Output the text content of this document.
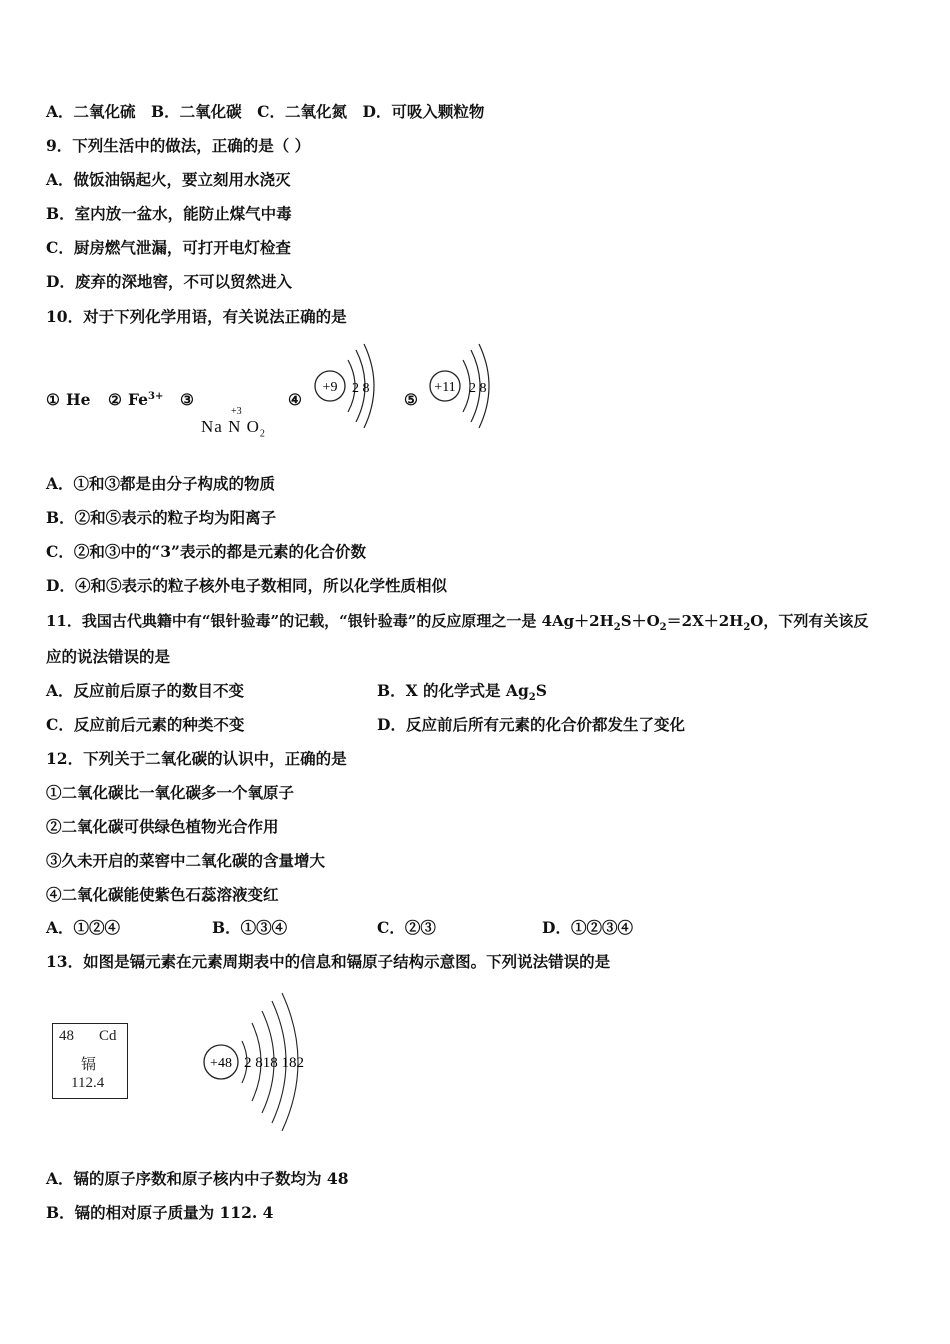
A．二氧化硫　B．二氧化碳　C．二氧化氮　D．可吸入颗粒物
9．下列生活中的做法，正确的是（ ）
A．做饭油锅起火，要立刻用水浇灭
B．室内放一盆水，能防止煤气中毒
C．厨房燃气泄漏，可打开电灯检查
D．废弃的深地窖，不可以贸然进入
10．对于下列化学用语，有关说法正确的是
① He ② $Fe^{3+}$ ③
+3
Na N $O_2$
④
+9 2 8
⑤
+11 2 8
A．①和③都是由分子构成的物质
B．②和⑤表示的粒子均为阳离子
C．②和③中的“3”表示的都是元素的化合价数
D．④和⑤表示的粒子核外电子数相同，所以化学性质相似
11．我国古代典籍中有“银针验毒”的记载，“银针验毒”的反应原理之一是 $4Ag+2H_2S+O_2=2X+2H_2O$，下列有关该反
应的说法错误的是
A．反应前后原子的数目不变	B．X 的化学式是 $Ag_2S$
C．反应前后元素的种类不变	D．反应前后所有元素的化合价都发生了变化
12．下列关于二氧化碳的认识中，正确的是
①二氧化碳比一氧化碳多一个氧原子
②二氧化碳可供绿色植物光合作用
③久未开启的菜窖中二氧化碳的含量增大
④二氧化碳能使紫色石蕊溶液变红
A．①②④	B．①③④	C．②③	D．①②③④
13．如图是镉元素在元素周期表中的信息和镉原子结构示意图。下列说法错误的是
48 Cd
镉
112.4
+48 2 818 182
A．镉的原子序数和原子核内中子数均为 48
B．镉的相对原子质量为 112. 4
